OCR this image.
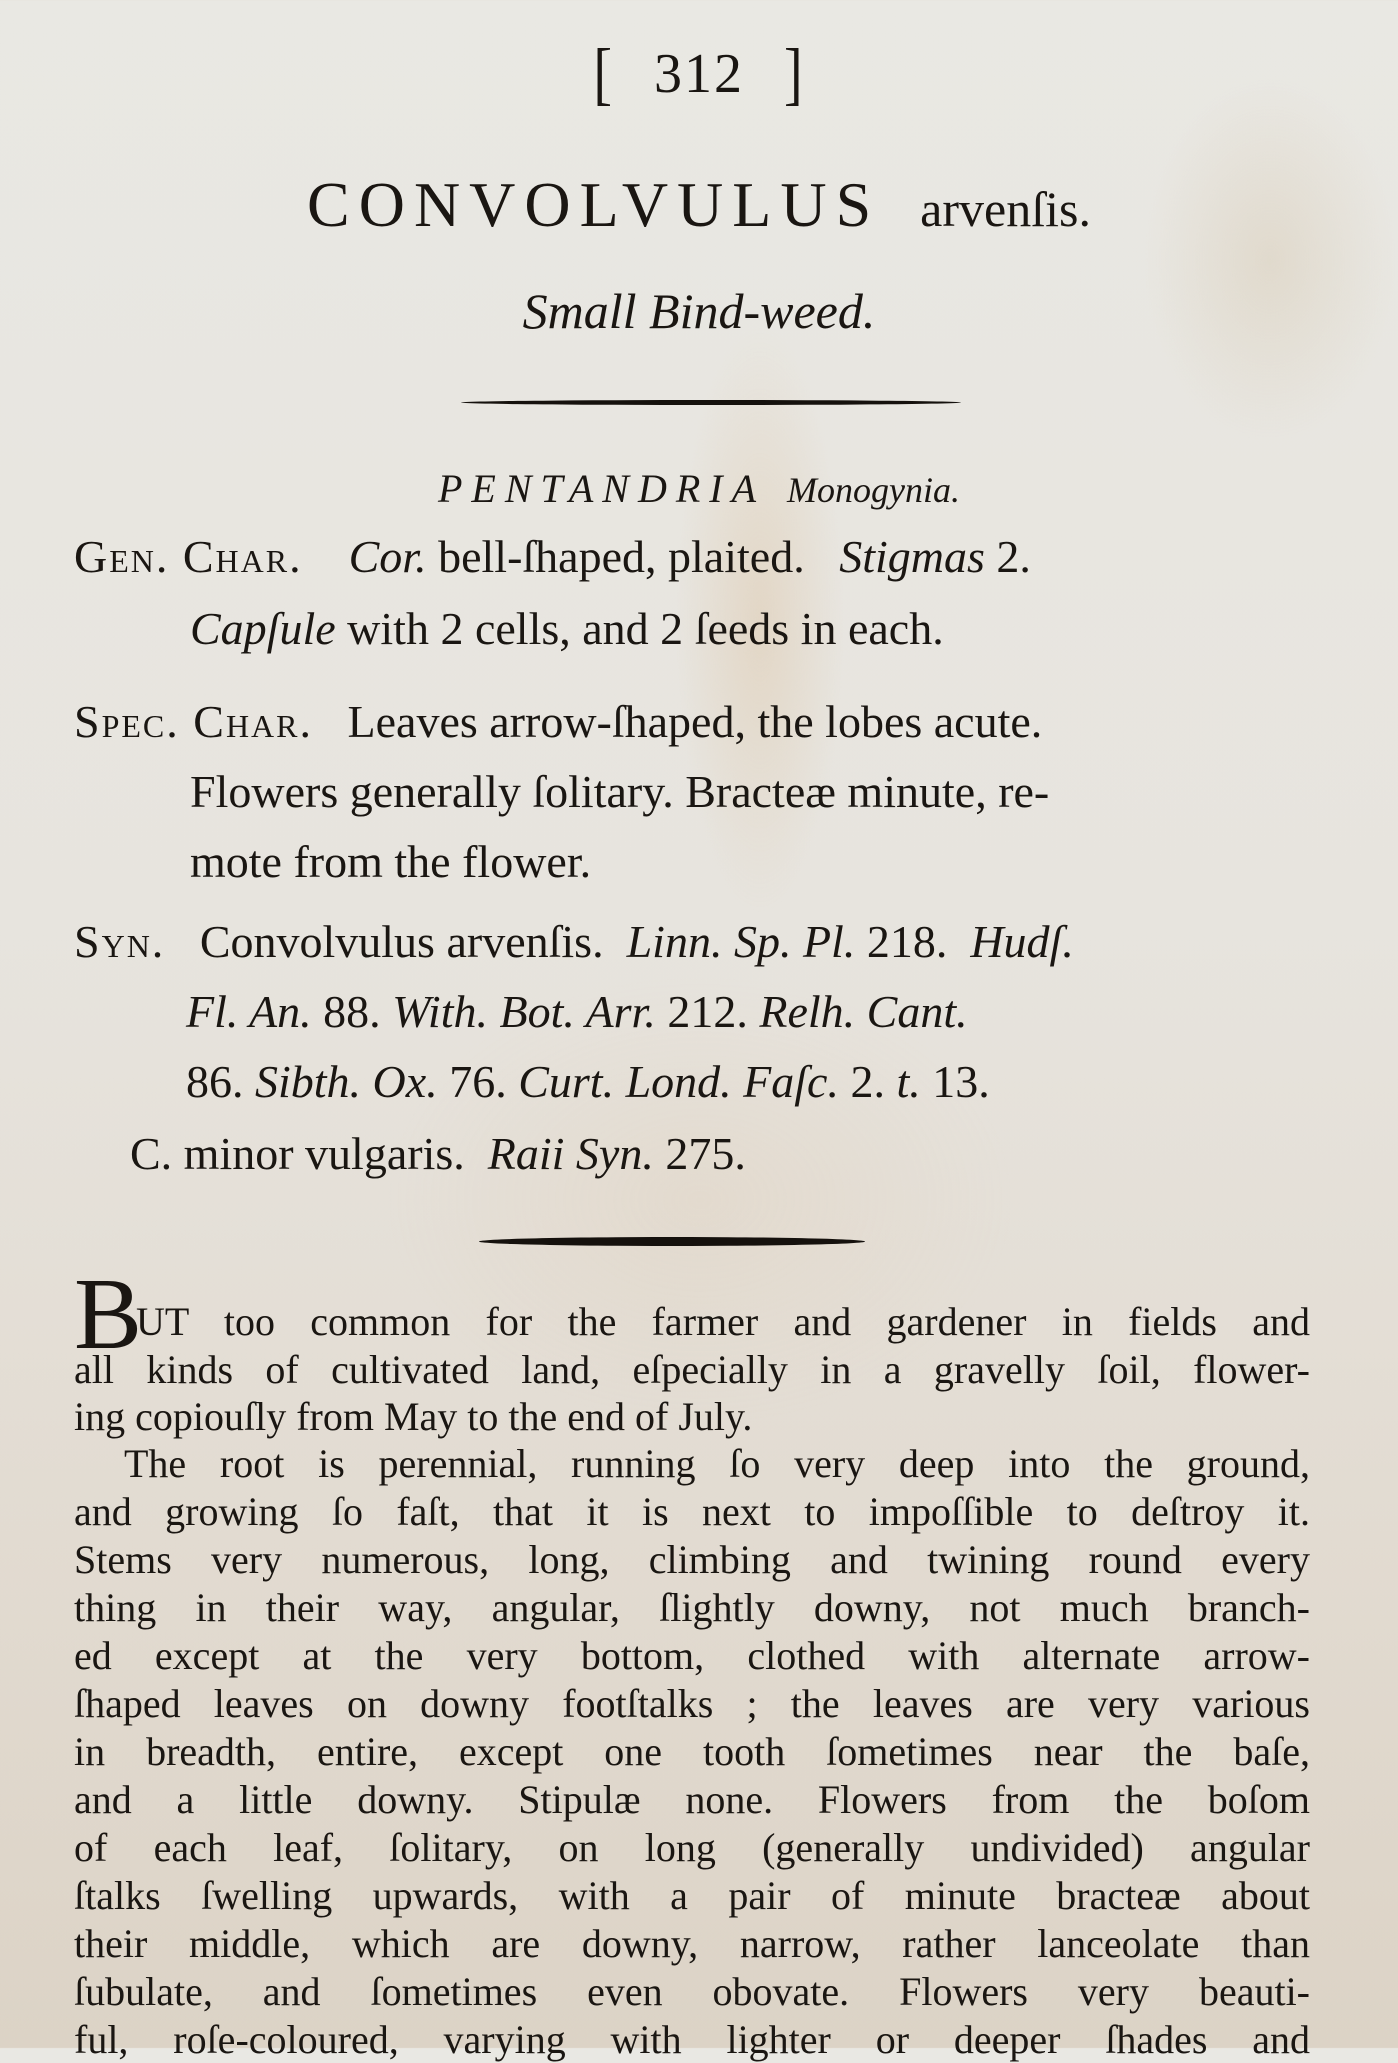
[ 312 ]
CONVOLVULUS arvenſis.
Small Bind-weed.
PENTANDRIA Monogynia.
Gen. Char. Cor. bell-ſhaped, plaited.   Stigmas 2.
Capſule with 2 cells, and 2 ſeeds in each.
Spec. Char. Leaves arrow-ſhaped, the lobes acute.
Flowers generally ſolitary. Bracteæ minute, re-
mote from the flower.
Syn. Convolvulus arvenſis. Linn. Sp. Pl. 218.  Hudſ.
Fl. An. 88. With. Bot. Arr. 212. Relh. Cant.
86. Sibth. Ox. 76. Curt. Lond. Faſc. 2. t. 13.
C. minor vulgaris. Raii Syn. 275.
B
UT too common for the farmer and gardener in fields and
all kinds of cultivated land, eſpecially in a gravelly ſoil, flower-
ing copiouſly from May to the end of July.
The root is perennial, running ſo very deep into the ground,
and growing ſo faſt, that it is next to impoſſible to deſtroy it.
Stems very numerous, long, climbing and twining round every
thing in their way, angular, ſlightly downy, not much branch-
ed except at the very bottom, clothed with alternate arrow-
ſhaped leaves on downy footſtalks ; the leaves are very various
in breadth, entire, except one tooth ſometimes near the baſe,
and a little downy. Stipulæ none. Flowers from the boſom
of each leaf, ſolitary, on long (generally undivided) angular
ſtalks ſwelling upwards, with a pair of minute bracteæ about
their middle, which are downy, narrow, rather lanceolate than
ſubulate, and ſometimes even obovate. Flowers very beauti-
ful, roſe-coloured, varying with lighter or deeper ſhades and
